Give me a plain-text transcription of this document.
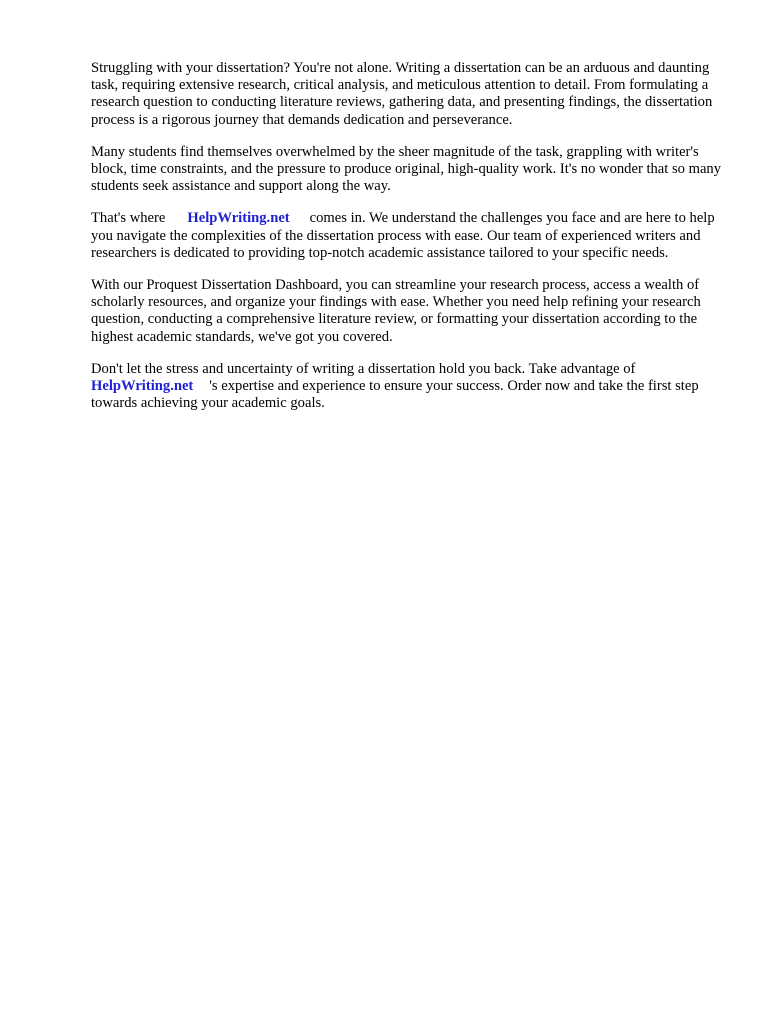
Struggling with your dissertation? You're not alone. Writing a dissertation can be an arduous and daunting task, requiring extensive research, critical analysis, and meticulous attention to detail. From formulating a research question to conducting literature reviews, gathering data, and presenting findings, the dissertation process is a rigorous journey that demands dedication and perseverance.

Many students find themselves overwhelmed by the sheer magnitude of the task, grappling with writer's block, time constraints, and the pressure to produce original, high-quality work. It's no wonder that so many students seek assistance and support along the way.

That's where HelpWriting.net comes in. We understand the challenges you face and are here to help you navigate the complexities of the dissertation process with ease. Our team of experienced writers and researchers is dedicated to providing top-notch academic assistance tailored to your specific needs.

With our Proquest Dissertation Dashboard, you can streamline your research process, access a wealth of scholarly resources, and organize your findings with ease. Whether you need help refining your research question, conducting a comprehensive literature review, or formatting your dissertation according to the highest academic standards, we've got you covered.

Don't let the stress and uncertainty of writing a dissertation hold you back. Take advantage of
HelpWriting.net 's expertise and experience to ensure your success. Order now and take the first step towards achieving your academic goals.
